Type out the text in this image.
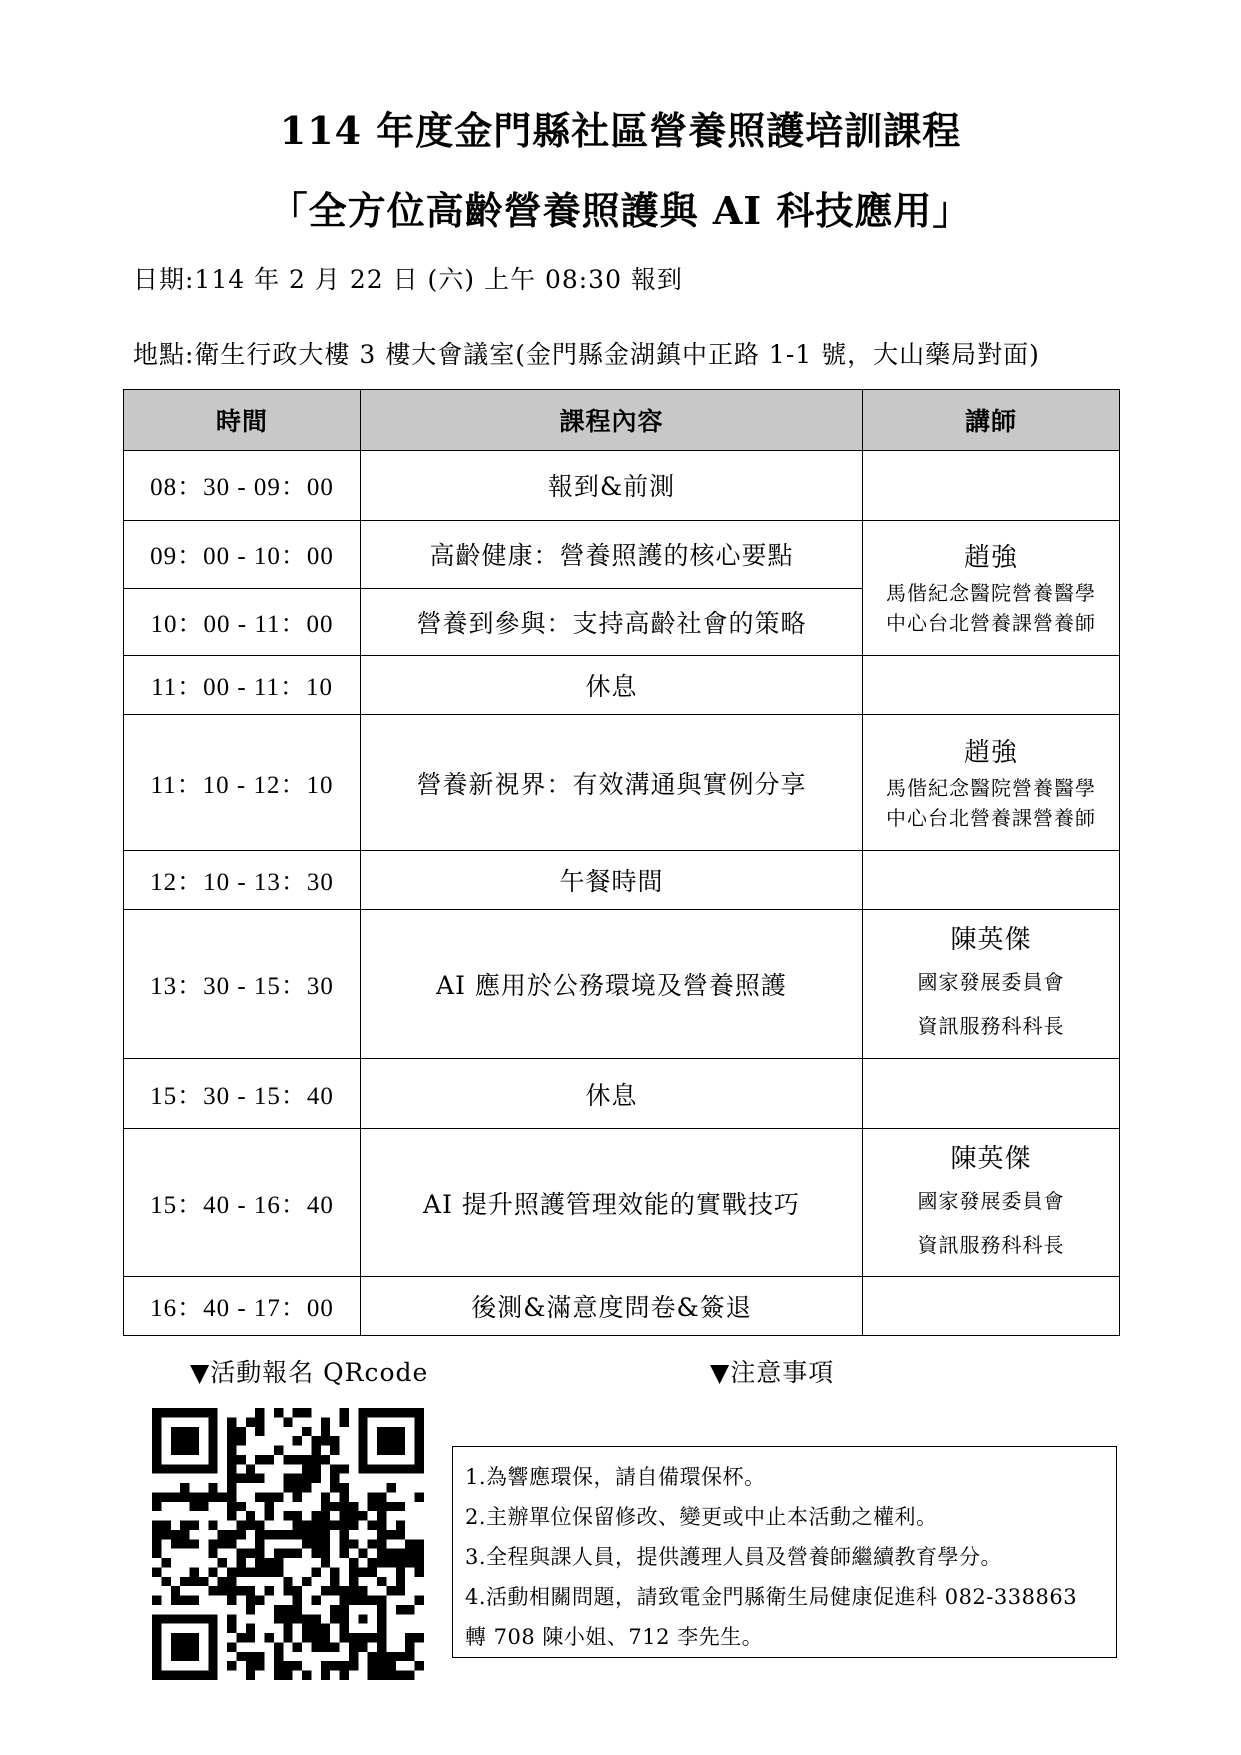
114 年度金門縣社區營養照護培訓課程
「全方位高齡營養照護與 AI 科技應用」
日期:114 年 2 月 22 日 (六) 上午 08:30 報到
地點:衛生行政大樓 3 樓大會議室(金門縣金湖鎮中正路 1-1 號，大山藥局對面)
時間	課程內容	講師
08：30 - 09：00	報到&前測	
09：00 - 10：00	高齡健康：營養照護的核心要點	趙強
馬偕紀念醫院營養醫學
中心台北營養課營養師

10：00 - 11：00	營養到參與：支持高齡社會的策略	
11：00 - 11：10	休息	
11：10 - 12：10	營養新視界：有效溝通與實例分享	趙強
馬偕紀念醫院營養醫學
中心台北營養課營養師

12：10 - 13：30	午餐時間	
13：30 - 15：30	AI 應用於公務環境及營養照護	陳英傑
國家發展委員會
資訊服務科科長

15：30 - 15：40	休息	
15：40 - 16：40	AI 提升照護管理效能的實戰技巧	陳英傑
國家發展委員會
資訊服務科科長

16：40 - 17：00	後測&滿意度問卷&簽退	
▼活動報名 QRcode	▼注意事項
1.為響應環保，請自備環保杯。
2.主辦單位保留修改、變更或中止本活動之權利。
3.全程與課人員，提供護理人員及營養師繼續教育學分。
4.活動相關問題，請致電金門縣衛生局健康促進科 082-338863 轉 708 陳小姐、712 李先生。
